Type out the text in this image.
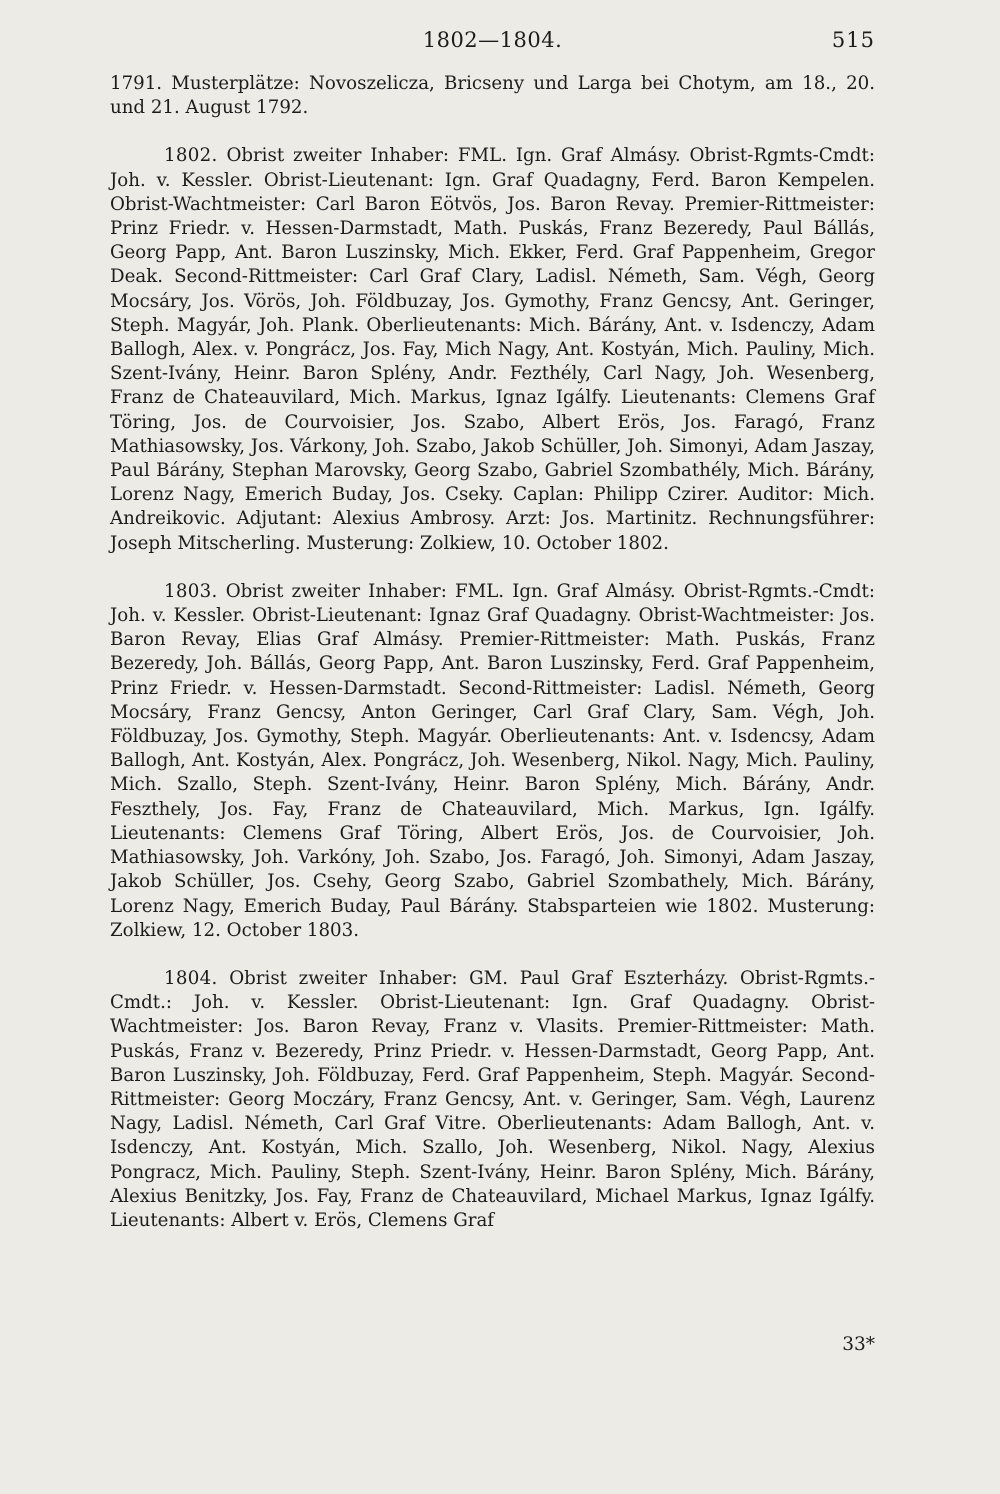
1802—1804.	515

1791. Musterplätze: Novoszelicza, Bricseny und Larga bei Chotym, am 18., 20. und 21. August 1792.

1802. Obrist zweiter Inhaber: FML. Ign. Graf Almásy. Obrist-Rgmts-Cmdt: Joh. v. Kessler. Obrist-Lieutenant: Ign. Graf Quadagny, Ferd. Baron Kempelen. Obrist-Wachtmeister: Carl Baron Eötvös, Jos. Baron Revay. Premier-Rittmeister: Prinz Friedr. v. Hessen-Darmstadt, Math. Puskás, Franz Bezeredy, Paul Bállás, Georg Papp, Ant. Baron Luszinsky, Mich. Ekker, Ferd. Graf Pappenheim, Gregor Deak. Second-Rittmeister: Carl Graf Clary, Ladisl. Németh, Sam. Végh, Georg Mocsáry, Jos. Vörös, Joh. Földbuzay, Jos. Gymothy, Franz Gencsy, Ant. Geringer, Steph. Magyár, Joh. Plank. Oberlieutenants: Mich. Bárány, Ant. v. Isdenczy, Adam Ballogh, Alex. v. Pongrácz, Jos. Fay, Mich Nagy, Ant. Kostyán, Mich. Pauliny, Mich. Szent-Ivány, Heinr. Baron Splény, Andr. Fezthély, Carl Nagy, Joh. Wesenberg, Franz de Chateauvilard, Mich. Markus, Ignaz Igálfy. Lieutenants: Clemens Graf Töring, Jos. de Courvoisier, Jos. Szabo, Albert Erös, Jos. Faragó, Franz Mathiasowsky, Jos. Várkony, Joh. Szabo, Jakob Schüller, Joh. Simonyi, Adam Jaszay, Paul Bárány, Stephan Marovsky, Georg Szabo, Gabriel Szombathély, Mich. Bárány, Lorenz Nagy, Emerich Buday, Jos. Cseky. Caplan: Philipp Czirer. Auditor: Mich. Andreikovic. Adjutant: Alexius Ambrosy. Arzt: Jos. Martinitz. Rechnungsführer: Joseph Mitscherling. Musterung: Zolkiew, 10. October 1802.

1803. Obrist zweiter Inhaber: FML. Ign. Graf Almásy. Obrist-Rgmts.-Cmdt: Joh. v. Kessler. Obrist-Lieutenant: Ignaz Graf Quadagny. Obrist-Wachtmeister: Jos. Baron Revay, Elias Graf Almásy. Premier-Rittmeister: Math. Puskás, Franz Bezeredy, Joh. Bállás, Georg Papp, Ant. Baron Luszinsky, Ferd. Graf Pappenheim, Prinz Friedr. v. Hessen-Darmstadt. Second-Rittmeister: Ladisl. Németh, Georg Mocsáry, Franz Gencsy, Anton Geringer, Carl Graf Clary, Sam. Végh, Joh. Földbuzay, Jos. Gymothy, Steph. Magyár. Oberlieutenants: Ant. v. Isdencsy, Adam Ballogh, Ant. Kostyán, Alex. Pongrácz, Joh. Wesenberg, Nikol. Nagy, Mich. Pauliny, Mich. Szallo, Steph. Szent-Ivány, Heinr. Baron Splény, Mich. Bárány, Andr. Feszthely, Jos. Fay, Franz de Chateauvilard, Mich. Markus, Ign. Igálfy. Lieutenants: Clemens Graf Töring, Albert Erös, Jos. de Courvoisier, Joh. Mathiasowsky, Joh. Varkóny, Joh. Szabo, Jos. Faragó, Joh. Simonyi, Adam Jaszay, Jakob Schüller, Jos. Csehy, Georg Szabo, Gabriel Szombathely, Mich. Bárány, Lorenz Nagy, Emerich Buday, Paul Bárány. Stabsparteien wie 1802. Musterung: Zolkiew, 12. October 1803.

1804. Obrist zweiter Inhaber: GM. Paul Graf Eszterházy. Obrist-Rgmts.-Cmdt.: Joh. v. Kessler. Obrist-Lieutenant: Ign. Graf Quadagny. Obrist-Wachtmeister: Jos. Baron Revay, Franz v. Vlasits. Premier-Rittmeister: Math. Puskás, Franz v. Bezeredy, Prinz Priedr. v. Hessen-Darmstadt, Georg Papp, Ant. Baron Luszinsky, Joh. Földbuzay, Ferd. Graf Pappenheim, Steph. Magyár. Second-Rittmeister: Georg Moczáry, Franz Gencsy, Ant. v. Geringer, Sam. Végh, Laurenz Nagy, Ladisl. Németh, Carl Graf Vitre. Oberlieutenants: Adam Ballogh, Ant. v. Isdenczy, Ant. Kostyán, Mich. Szallo, Joh. Wesenberg, Nikol. Nagy, Alexius Pongracz, Mich. Pauliny, Steph. Szent-Ivány, Heinr. Baron Splény, Mich. Bárány, Alexius Benitzky, Jos. Fay, Franz de Chateauvilard, Michael Markus, Ignaz Igálfy. Lieutenants: Albert v. Erös, Clemens Graf

33*
